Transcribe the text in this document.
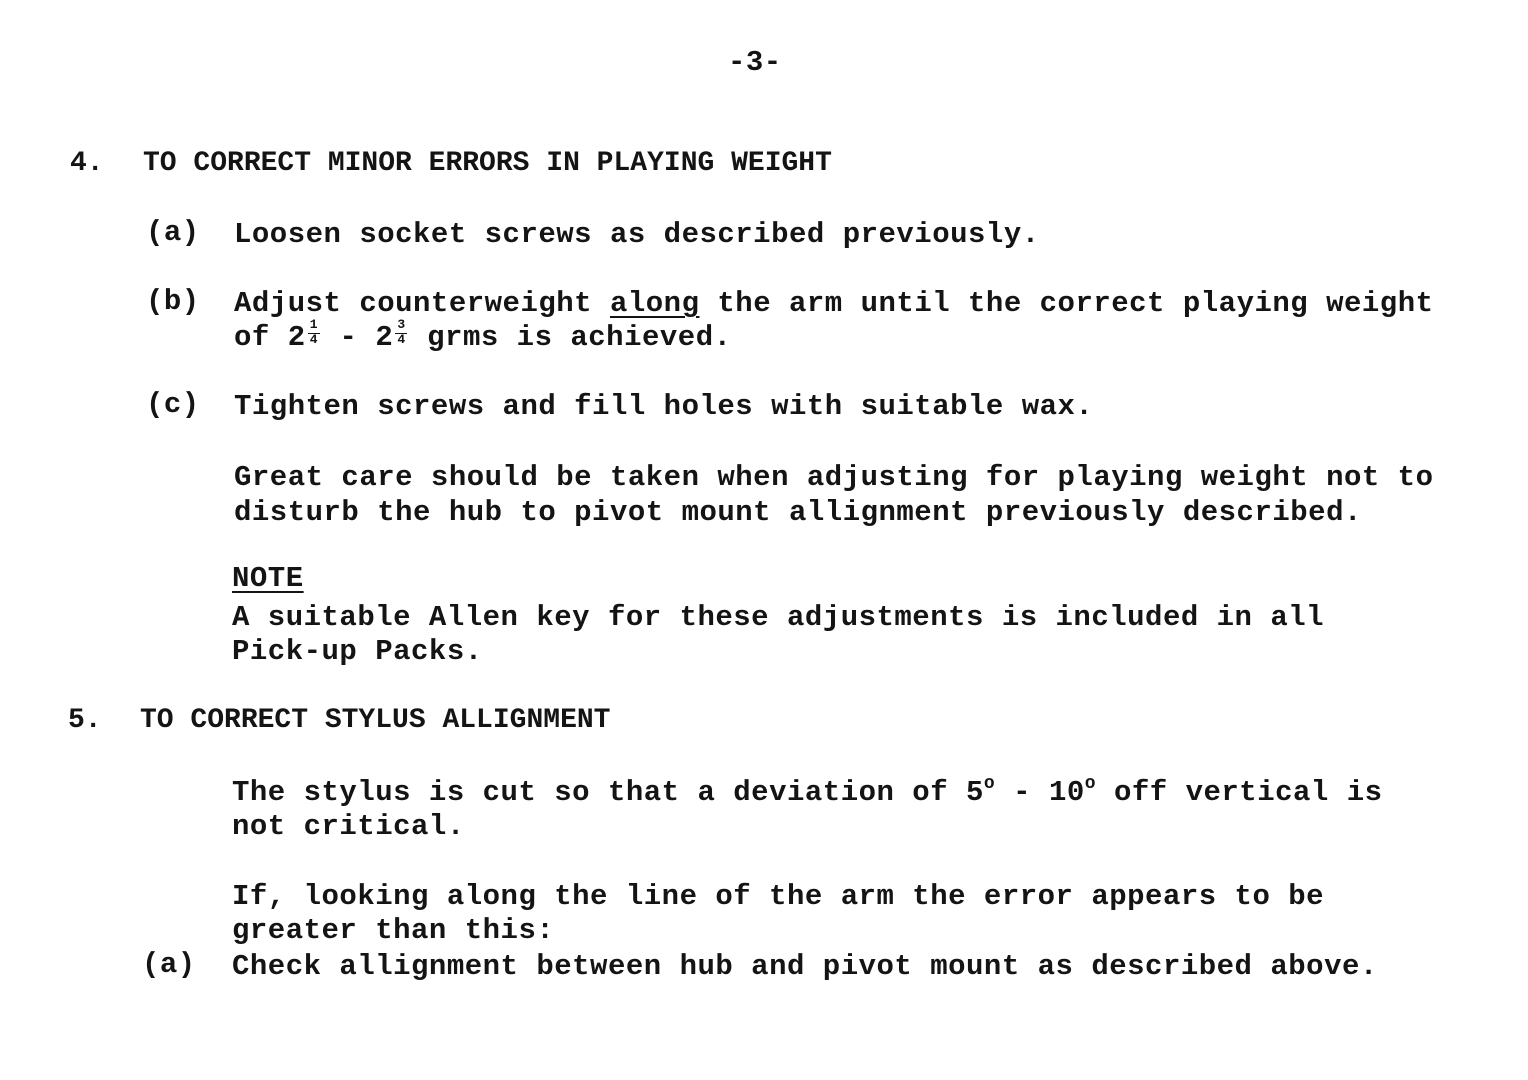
-3-
4. TO CORRECT MINOR ERRORS IN PLAYING WEIGHT
(a) Loosen socket screws as described previously.
(b) Adjust counterweight along the arm until the correct playing weight
of $2 \frac{1}{4} - 2 \frac{3}{4}$ grms is achieved.
(c) Tighten screws and fill holes with suitable wax.
Great care should be taken when adjusting for playing weight not to
disturb the hub to pivot mount allignment previously described.
NOTE
A suitable Allen key for these adjustments is included in all
Pick-up Packs.
5. TO CORRECT STYLUS ALLIGNMENT
The stylus is cut so that a deviation of 5$^o$ - 10$^o$ off vertical is
not critical.
If, looking along the line of the arm the error appears to be
greater than this:
(a) Check allignment between hub and pivot mount as described above.
